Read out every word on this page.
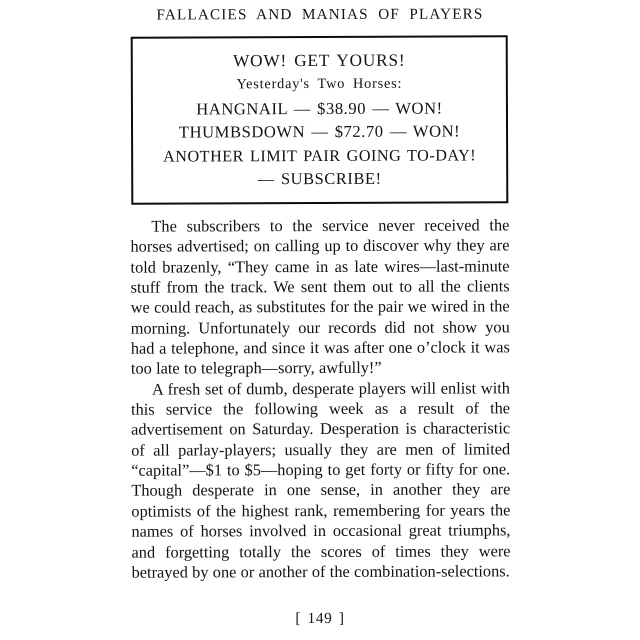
FALLACIES AND MANIAS OF PLAYERS
WOW! GET YOURS!
Yesterday's Two Horses:
HANGNAIL — $38.90 — WON!
THUMBSDOWN — $72.70 — WON!
ANOTHER LIMIT PAIR GOING TO-DAY!
— SUBSCRIBE!

The subscribers to the service never received the horses advertised; on calling up to discover why they are told brazenly, “They came in as late wires—last-minute stuff from the track. We sent them out to all the clients we could reach, as substitutes for the pair we wired in the morning. Unfortunately our records did not show you had a telephone, and since it was after one o’clock it was too late to telegraph—sorry, awfully!”

A fresh set of dumb, desperate players will enlist with this service the following week as a result of the advertisement on Saturday. Desperation is characteristic of all parlay-players; usually they are men of limited “capital”—$1 to $5—hoping to get forty or fifty for one. Though desperate in one sense, in another they are optimists of the highest rank, remembering for years the names of horses involved in occasional great triumphs, and forgetting totally the scores of times they were betrayed by one or another of the combination-selections.

[ 149 ]
